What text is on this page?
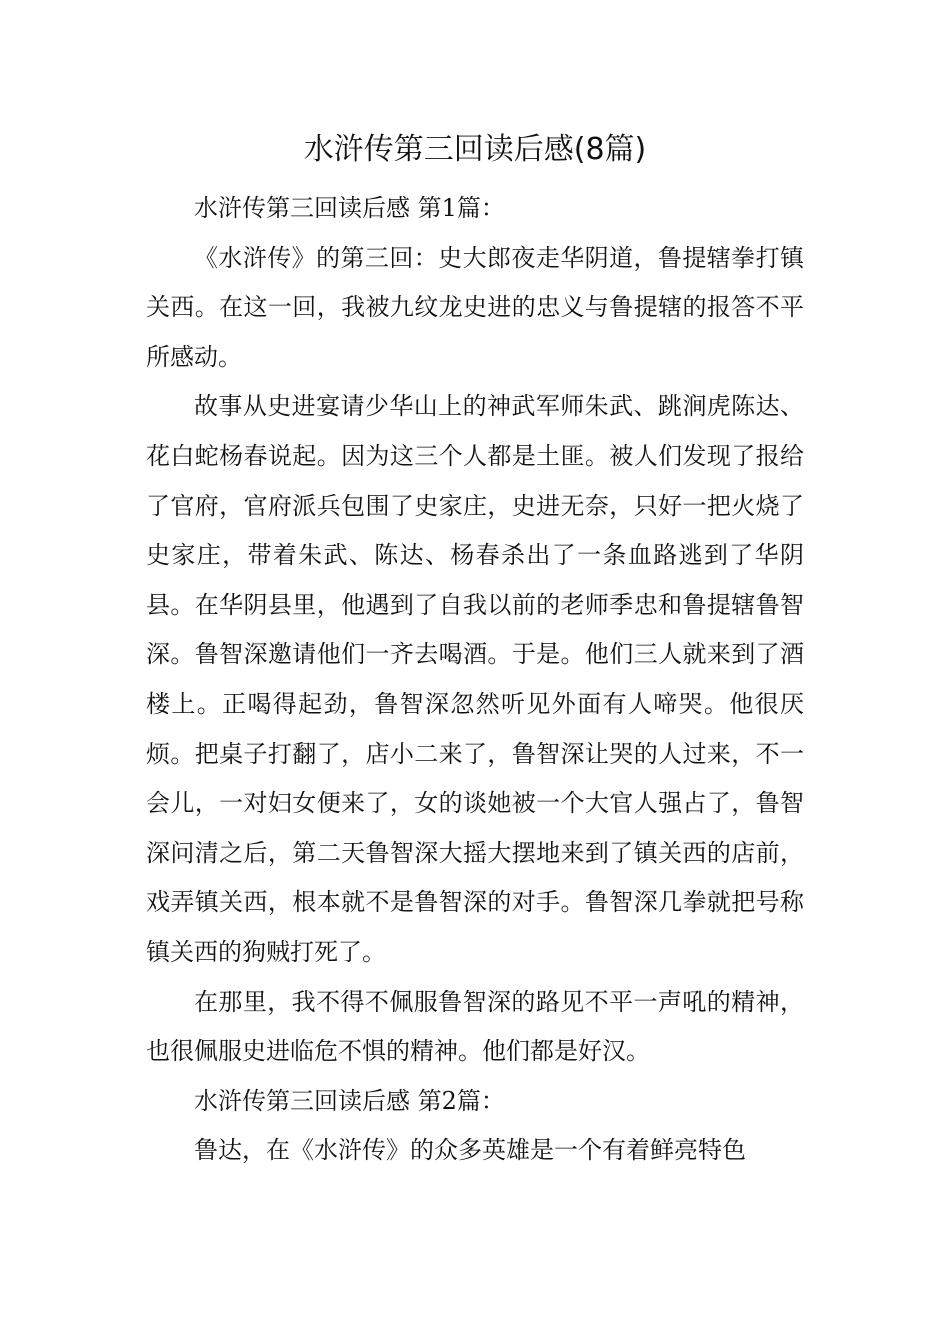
水浒传第三回读后感(8篇)

水浒传第三回读后感 第1篇：

《水浒传》的第三回：史大郎夜走华阴道，鲁提辖拳打镇关西。在这一回，我被九纹龙史进的忠义与鲁提辖的报答不平所感动。

故事从史进宴请少华山上的神武军师朱武、跳涧虎陈达、花白蛇杨春说起。因为这三个人都是土匪。被人们发现了报给了官府，官府派兵包围了史家庄，史进无奈，只好一把火烧了史家庄，带着朱武、陈达、杨春杀出了一条血路逃到了华阴县。在华阴县里，他遇到了自我以前的老师季忠和鲁提辖鲁智深。鲁智深邀请他们一齐去喝酒。于是。他们三人就来到了酒楼上。正喝得起劲，鲁智深忽然听见外面有人啼哭。他很厌烦。把桌子打翻了，店小二来了，鲁智深让哭的人过来，不一会儿，一对妇女便来了，女的谈她被一个大官人强占了，鲁智深问清之后，第二天鲁智深大摇大摆地来到了镇关西的店前，戏弄镇关西，根本就不是鲁智深的对手。鲁智深几拳就把号称镇关西的狗贼打死了。

在那里，我不得不佩服鲁智深的路见不平一声吼的精神，也很佩服史进临危不惧的精神。他们都是好汉。

水浒传第三回读后感 第2篇：

鲁达，在《水浒传》的众多英雄是一个有着鲜亮特色
